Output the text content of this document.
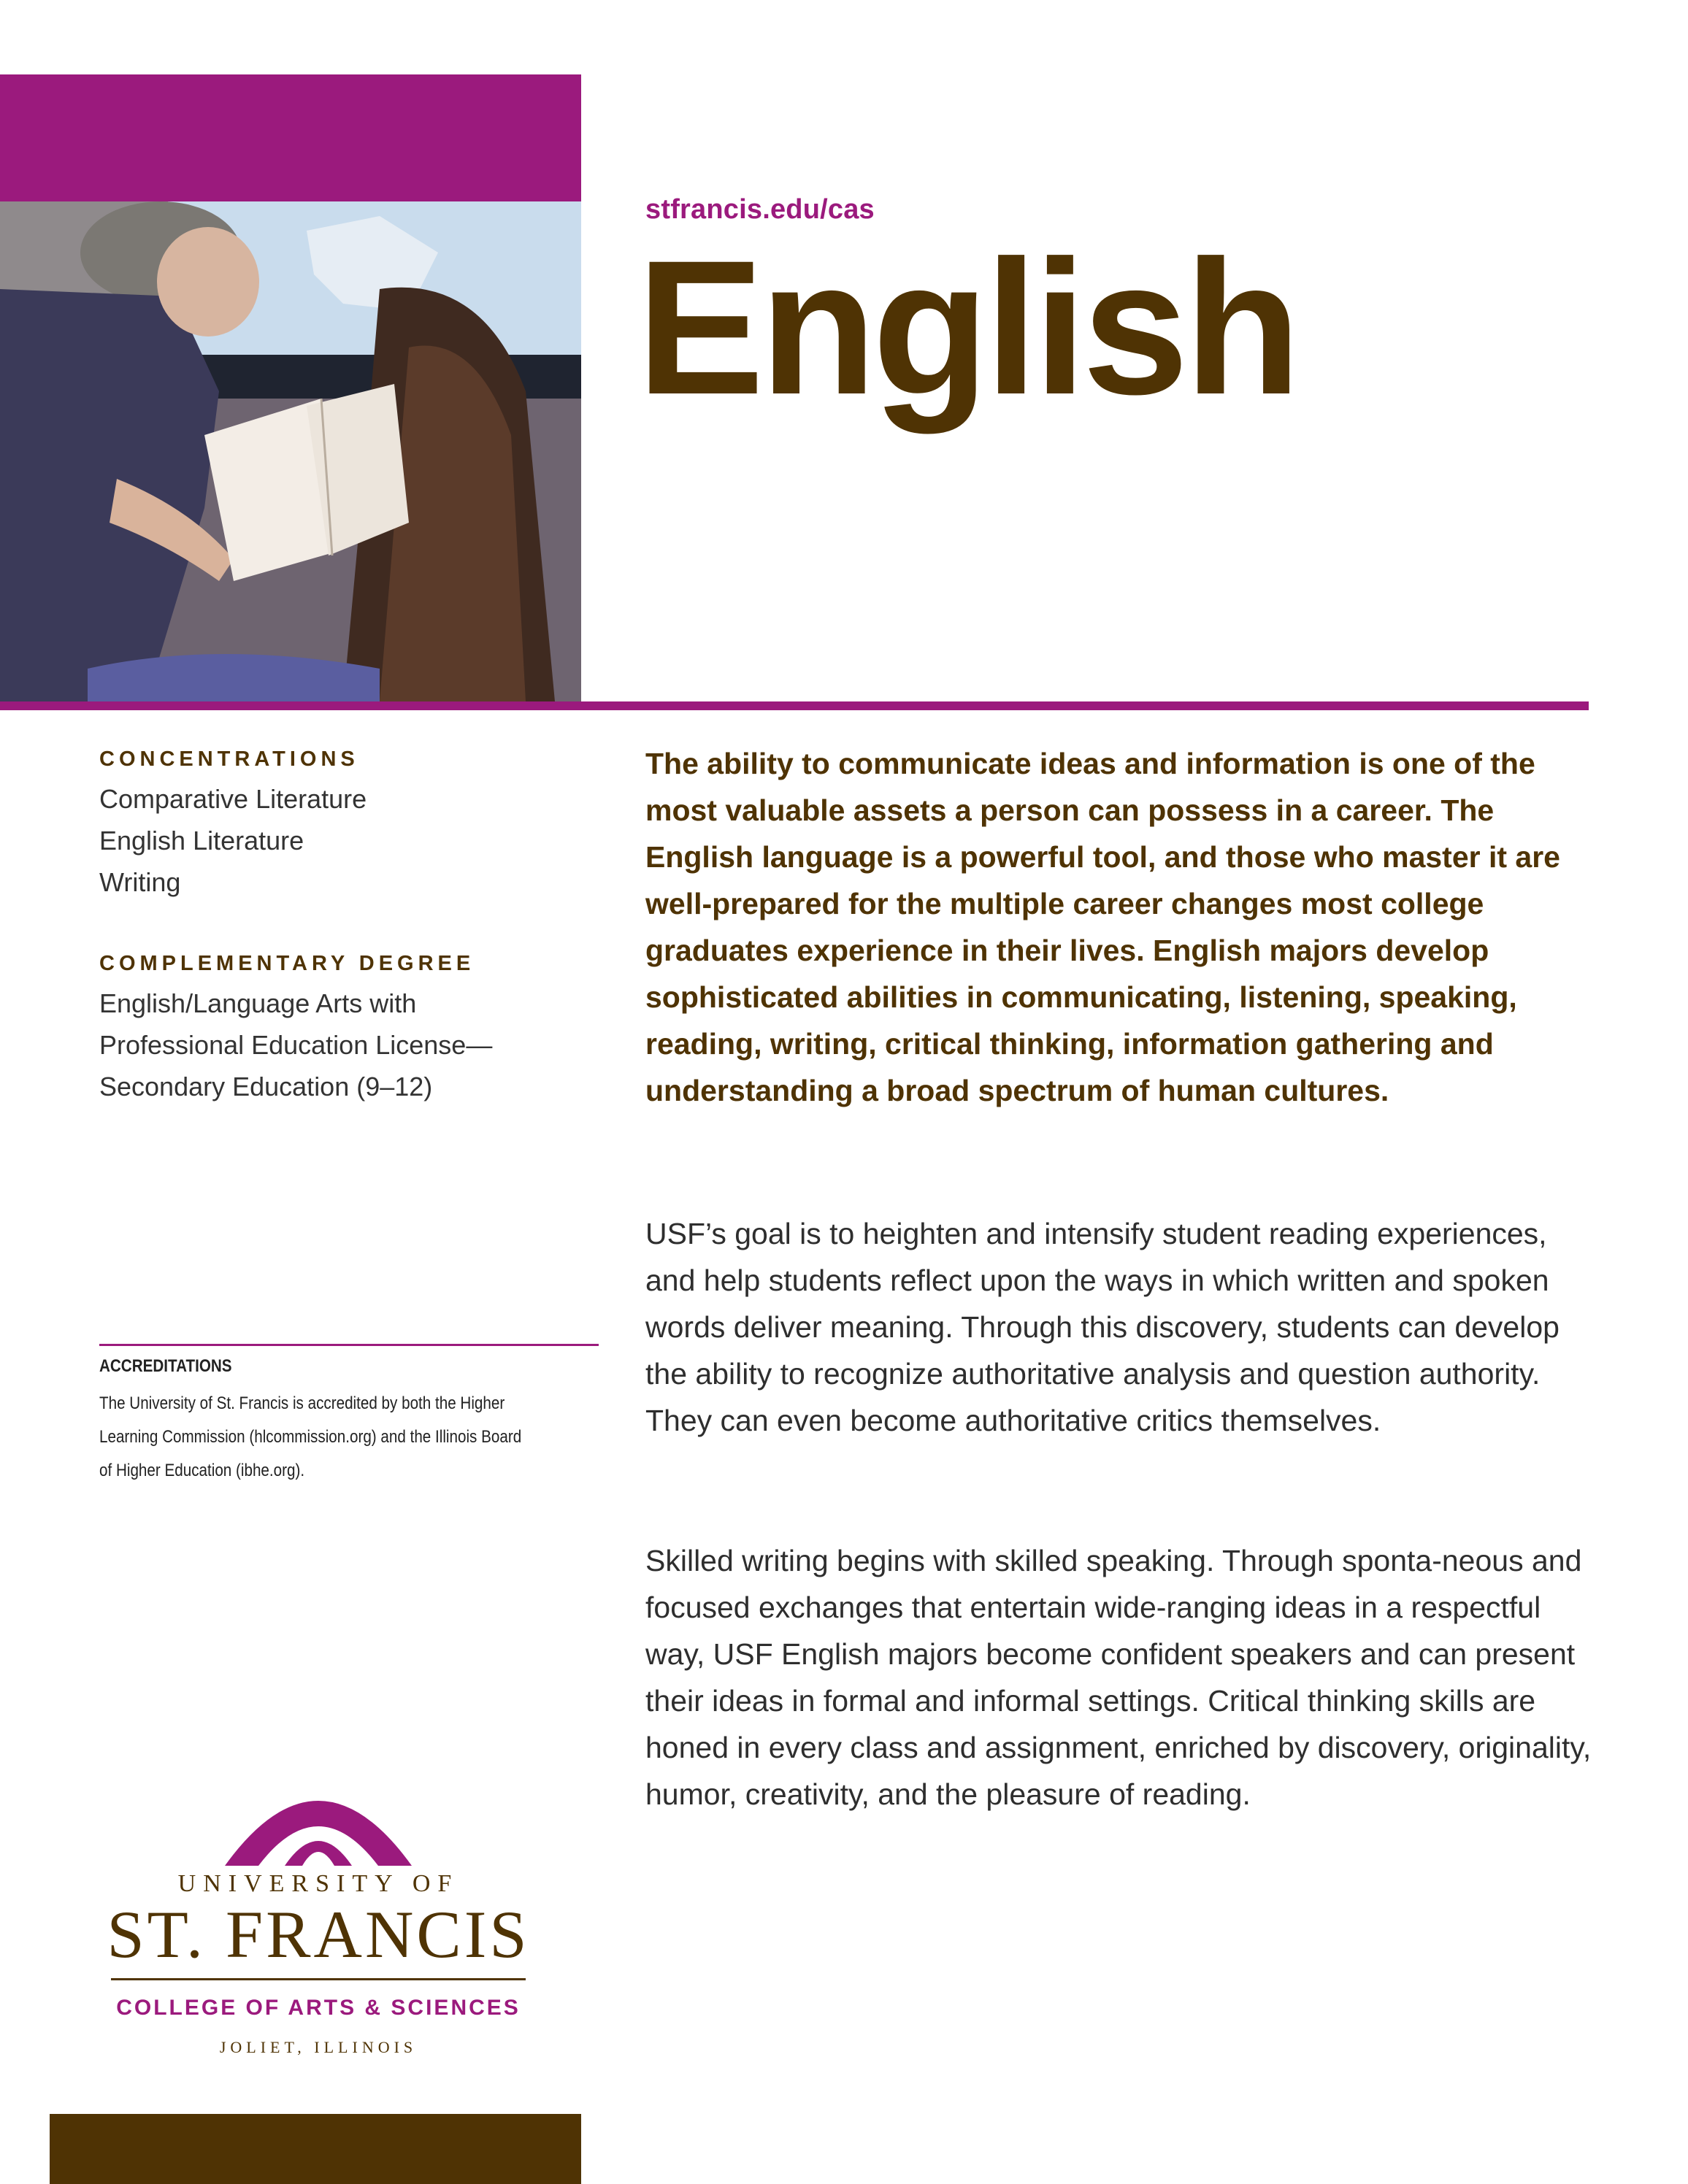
stfrancis.edu/cas
English
CONCENTRATIONS
Comparative Literature
English Literature
Writing
COMPLEMENTARY DEGREE
English/Language Arts with
Professional Education License—
Secondary Education (9–12)
ACCREDITATIONS
The University of St. Francis is accredited by both the Higher
Learning Commission (hlcommission.org) and the Illinois Board
of Higher Education (ibhe.org).
UNIVERSITY OF
ST. FRANCIS
COLLEGE OF ARTS & SCIENCES
JOLIET, ILLINOIS

The ability to communicate ideas and information is one of the most valuable assets a person can possess in a career. The English language is a powerful tool, and those who master it are well-prepared for the multiple career changes most college graduates experience in their lives. English majors develop sophisticated abilities in communicating, listening, speaking, reading, writing, critical thinking, information gathering and understanding a broad spectrum of human cultures.

USF’s goal is to heighten and intensify student reading experiences, and help students reflect upon the ways in which written and spoken words deliver meaning. Through this discovery, students can develop the ability to recognize authoritative analysis and question authority. They can even become authoritative critics themselves.

Skilled writing begins with skilled speaking. Through sponta-neous and focused exchanges that entertain wide-ranging ideas in a respectful way, USF English majors become confident speakers and can present their ideas in formal and informal settings. Critical thinking skills are honed in every class and assignment, enriched by discovery, originality, humor, creativity, and the pleasure of reading.
